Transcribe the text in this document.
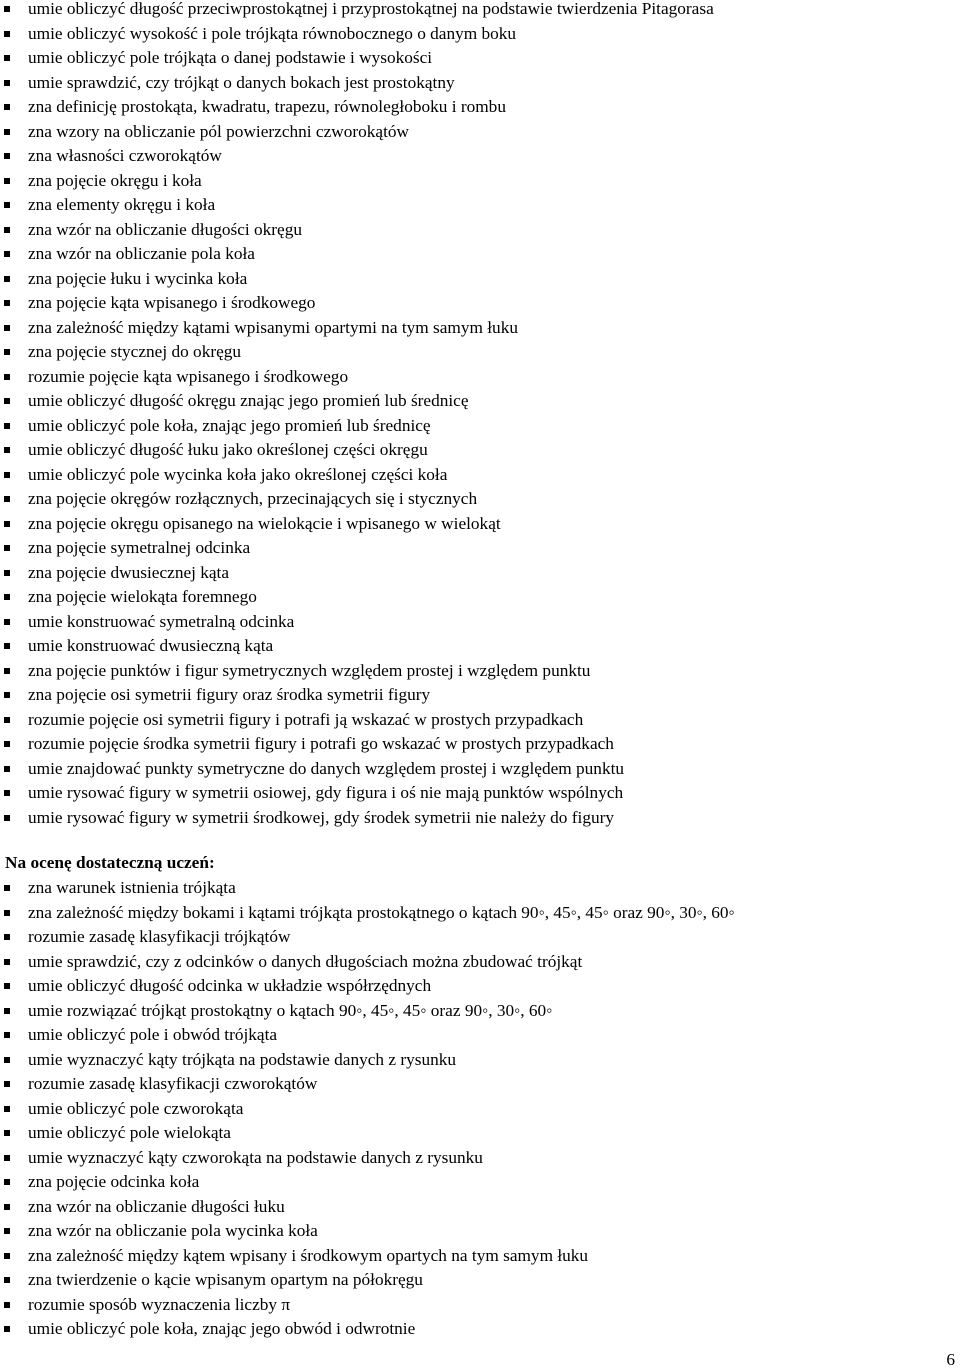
umie obliczyć długość przeciwprostokątnej i przyprostokątnej na podstawie twierdzenia Pitagorasa
umie obliczyć wysokość i pole trójkąta równobocznego o danym boku
umie obliczyć pole trójkąta o danej podstawie i wysokości
umie sprawdzić, czy trójkąt o danych bokach jest prostokątny
zna definicję prostokąta, kwadratu, trapezu, równoległoboku i rombu
zna wzory na obliczanie pól powierzchni czworokątów
zna własności czworokątów
zna pojęcie okręgu i koła
zna elementy okręgu i koła
zna wzór na obliczanie długości okręgu
zna wzór na obliczanie pola koła
zna pojęcie łuku i wycinka koła
zna pojęcie kąta wpisanego i środkowego
zna zależność między kątami wpisanymi opartymi na tym samym łuku
zna pojęcie stycznej do okręgu
rozumie pojęcie kąta wpisanego i środkowego
umie obliczyć długość okręgu znając jego promień lub średnicę
umie obliczyć pole koła, znając jego promień lub średnicę
umie obliczyć długość łuku jako określonej części okręgu
umie obliczyć pole wycinka koła jako określonej części koła
zna pojęcie okręgów rozłącznych, przecinających się i stycznych
zna pojęcie okręgu opisanego na wielokącie i wpisanego w wielokąt
zna pojęcie symetralnej odcinka
zna pojęcie dwusiecznej kąta
zna pojęcie wielokąta foremnego
umie konstruować symetralną odcinka
umie konstruować dwusieczną kąta
zna pojęcie punktów i figur symetrycznych względem prostej i względem punktu
zna pojęcie osi symetrii figury oraz środka symetrii figury
rozumie pojęcie osi symetrii figury i potrafi ją wskazać w prostych przypadkach
rozumie pojęcie środka symetrii figury i potrafi go wskazać w prostych przypadkach
umie znajdować punkty symetryczne do danych względem prostej i względem punktu
umie rysować figury w symetrii osiowej, gdy figura i oś nie mają punktów wspólnych
umie rysować figury w symetrii środkowej, gdy środek symetrii nie należy do figury
Na ocenę dostateczną uczeń:
zna warunek istnienia trójkąta
zna zależność między bokami i kątami trójkąta prostokątnego o kątach 90◦, 45◦, 45◦ oraz 90◦, 30◦, 60◦
rozumie zasadę klasyfikacji trójkątów
umie sprawdzić, czy z odcinków o danych długościach można zbudować trójkąt
umie obliczyć długość odcinka w układzie współrzędnych
umie rozwiązać trójkąt prostokątny o kątach 90◦, 45◦, 45◦ oraz 90◦, 30◦, 60◦
umie obliczyć pole i obwód trójkąta
umie wyznaczyć kąty trójkąta na podstawie danych z rysunku
rozumie zasadę klasyfikacji czworokątów
umie obliczyć pole czworokąta
umie obliczyć pole wielokąta
umie wyznaczyć kąty czworokąta na podstawie danych z rysunku
zna pojęcie odcinka koła
zna wzór na obliczanie długości łuku
zna wzór na obliczanie pola wycinka koła
zna zależność między kątem wpisany i środkowym opartych na tym samym łuku
zna twierdzenie o kącie wpisanym opartym na półokręgu
rozumie sposób wyznaczenia liczby π
umie obliczyć pole koła, znając jego obwód i odwrotnie
6
